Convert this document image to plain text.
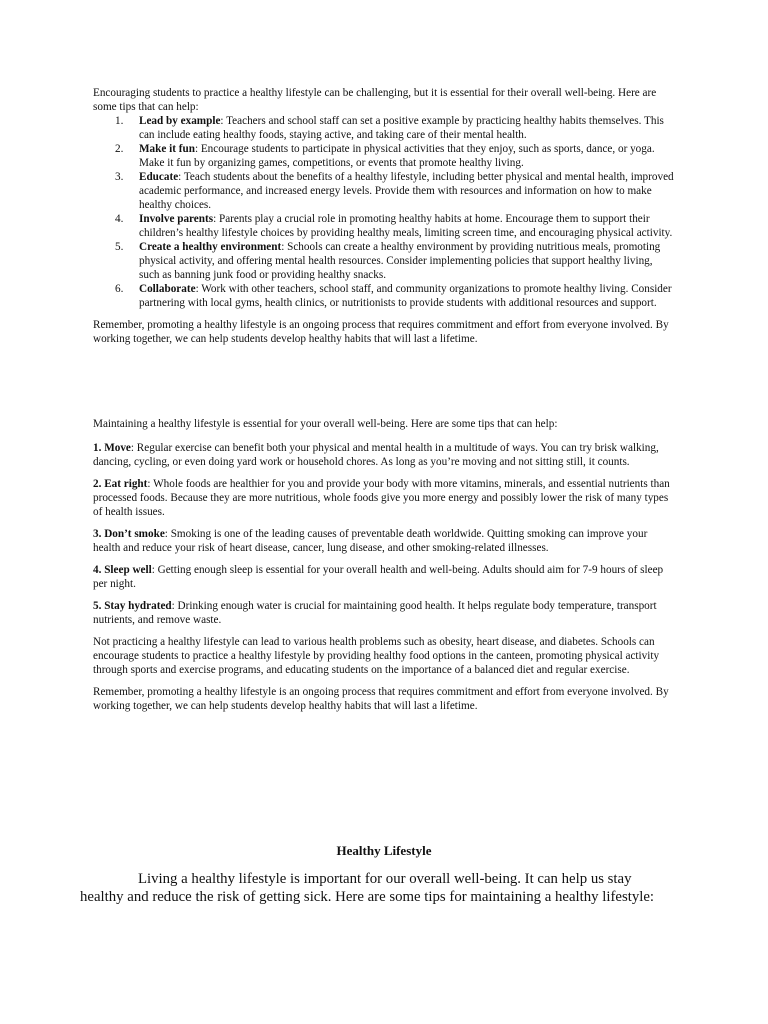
Encouraging students to practice a healthy lifestyle can be challenging, but it is essential for their overall well-being. Here are some tips that can help:

1. Lead by example: Teachers and school staff can set a positive example by practicing healthy habits themselves. This can include eating healthy foods, staying active, and taking care of their mental health.
2. Make it fun: Encourage students to participate in physical activities that they enjoy, such as sports, dance, or yoga. Make it fun by organizing games, competitions, or events that promote healthy living.
3. Educate: Teach students about the benefits of a healthy lifestyle, including better physical and mental health, improved academic performance, and increased energy levels. Provide them with resources and information on how to make healthy choices.
4. Involve parents: Parents play a crucial role in promoting healthy habits at home. Encourage them to support their children’s healthy lifestyle choices by providing healthy meals, limiting screen time, and encouraging physical activity.
5. Create a healthy environment: Schools can create a healthy environment by providing nutritious meals, promoting physical activity, and offering mental health resources. Consider implementing policies that support healthy living, such as banning junk food or providing healthy snacks.
6. Collaborate: Work with other teachers, school staff, and community organizations to promote healthy living. Consider partnering with local gyms, health clinics, or nutritionists to provide students with additional resources and support.

Remember, promoting a healthy lifestyle is an ongoing process that requires commitment and effort from everyone involved. By working together, we can help students develop healthy habits that will last a lifetime.

Maintaining a healthy lifestyle is essential for your overall well-being. Here are some tips that can help:

1. Move: Regular exercise can benefit both your physical and mental health in a multitude of ways. You can try brisk walking, dancing, cycling, or even doing yard work or household chores. As long as you’re moving and not sitting still, it counts.

2. Eat right: Whole foods are healthier for you and provide your body with more vitamins, minerals, and essential nutrients than processed foods. Because they are more nutritious, whole foods give you more energy and possibly lower the risk of many types of health issues.

3. Don’t smoke: Smoking is one of the leading causes of preventable death worldwide. Quitting smoking can improve your health and reduce your risk of heart disease, cancer, lung disease, and other smoking-related illnesses.

4. Sleep well: Getting enough sleep is essential for your overall health and well-being. Adults should aim for 7-9 hours of sleep per night.

5. Stay hydrated: Drinking enough water is crucial for maintaining good health. It helps regulate body temperature, transport nutrients, and remove waste.

Not practicing a healthy lifestyle can lead to various health problems such as obesity, heart disease, and diabetes. Schools can encourage students to practice a healthy lifestyle by providing healthy food options in the canteen, promoting physical activity through sports and exercise programs, and educating students on the importance of a balanced diet and regular exercise.

Remember, promoting a healthy lifestyle is an ongoing process that requires commitment and effort from everyone involved. By working together, we can help students develop healthy habits that will last a lifetime.

Healthy Lifestyle

Living a healthy lifestyle is important for our overall well-being. It can help us stay healthy and reduce the risk of getting sick. Here are some tips for maintaining a healthy lifestyle:
